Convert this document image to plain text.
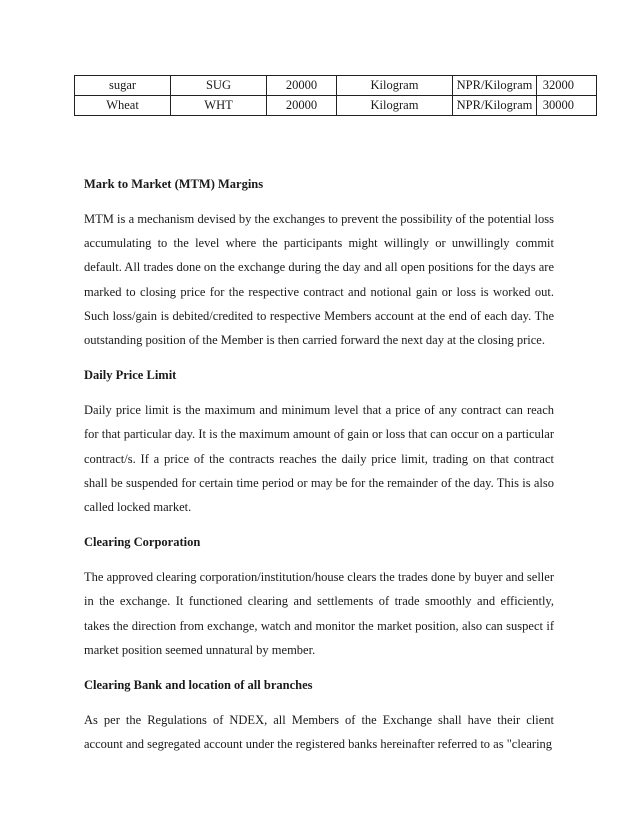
sugar	SUG	20000	Kilogram	NPR/Kilogram	32000
Wheat	WHT	20000	Kilogram	NPR/Kilogram	30000
Mark to Market (MTM) Margins

MTM is a mechanism devised by the exchanges to prevent the possibility of the potential loss accumulating to the level where the participants might willingly or unwillingly commit default. All trades done on the exchange during the day and all open positions for the days are marked to closing price for the respective contract and notional gain or loss is worked out. Such loss/gain is debited/credited to respective Members account at the end of each day. The outstanding position of the Member is then carried forward the next day at the closing price.

Daily Price Limit

Daily price limit is the maximum and minimum level that a price of any contract can reach for that particular day. It is the maximum amount of gain or loss that can occur on a particular contract/s. If a price of the contracts reaches the daily price limit, trading on that contract shall be suspended for certain time period or may be for the remainder of the day. This is also called locked market.

Clearing Corporation

The approved clearing corporation/institution/house clears the trades done by buyer and seller in the exchange. It functioned clearing and settlements of trade smoothly and efficiently, takes the direction from exchange, watch and monitor the market position, also can suspect if market position seemed unnatural by member.

Clearing Bank and location of all branches

As per the Regulations of NDEX, all Members of the Exchange shall have their client account and segregated account under the registered banks hereinafter referred to as "clearing
